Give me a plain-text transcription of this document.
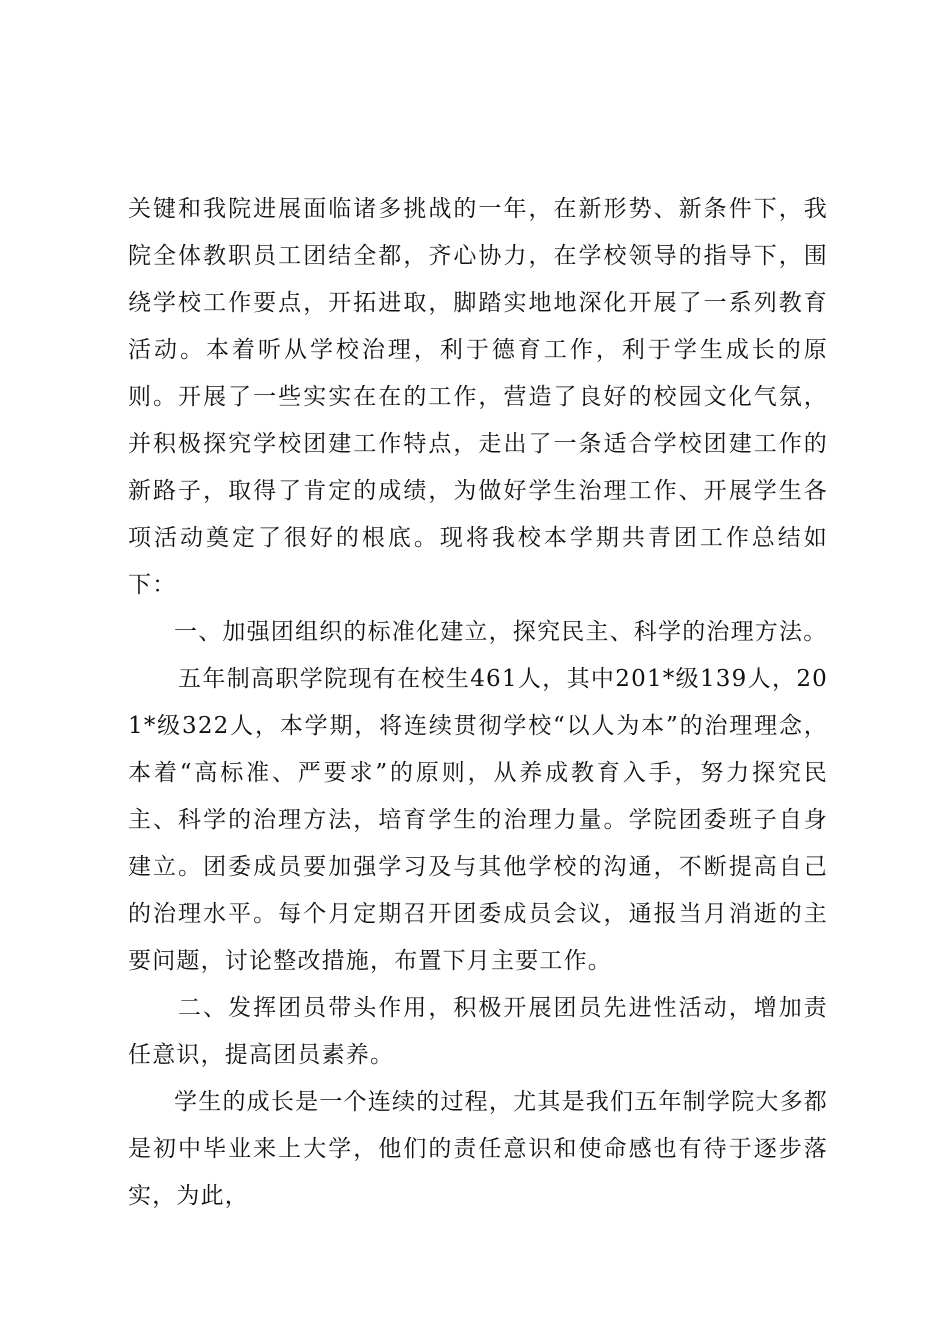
关键和我院进展面临诸多挑战的一年，在新形势、新条件下，我院全体教职员工团结全都，齐心协力，在学校领导的指导下，围绕学校工作要点，开拓进取，脚踏实地地深化开展了一系列教育活动。本着听从学校治理，利于德育工作，利于学生成长的原则。开展了一些实实在在的工作，营造了良好的校园文化气氛，并积极探究学校团建工作特点，走出了一条适合学校团建工作的新路子，取得了肯定的成绩，为做好学生治理工作、开展学生各项活动奠定了很好的根底。现将我校本学期共青团工作总结如下：

一、加强团组织的标准化建立，探究民主、科学的治理方法。

五年制高职学院现有在校生461人，其中201*级139人，201*级322人，本学期，将连续贯彻学校“以人为本”的治理理念，本着“高标准、严要求”的原则，从养成教育入手，努力探究民主、科学的治理方法，培育学生的治理力量。学院团委班子自身建立。团委成员要加强学习及与其他学校的沟通，不断提高自己的治理水平。每个月定期召开团委成员会议，通报当月消逝的主要问题，讨论整改措施，布置下月主要工作。

二、发挥团员带头作用，积极开展团员先进性活动，增加责任意识，提高团员素养。

学生的成长是一个连续的过程，尤其是我们五年制学院大多都是初中毕业来上大学，他们的责任意识和使命感也有待于逐步落实，为此，
